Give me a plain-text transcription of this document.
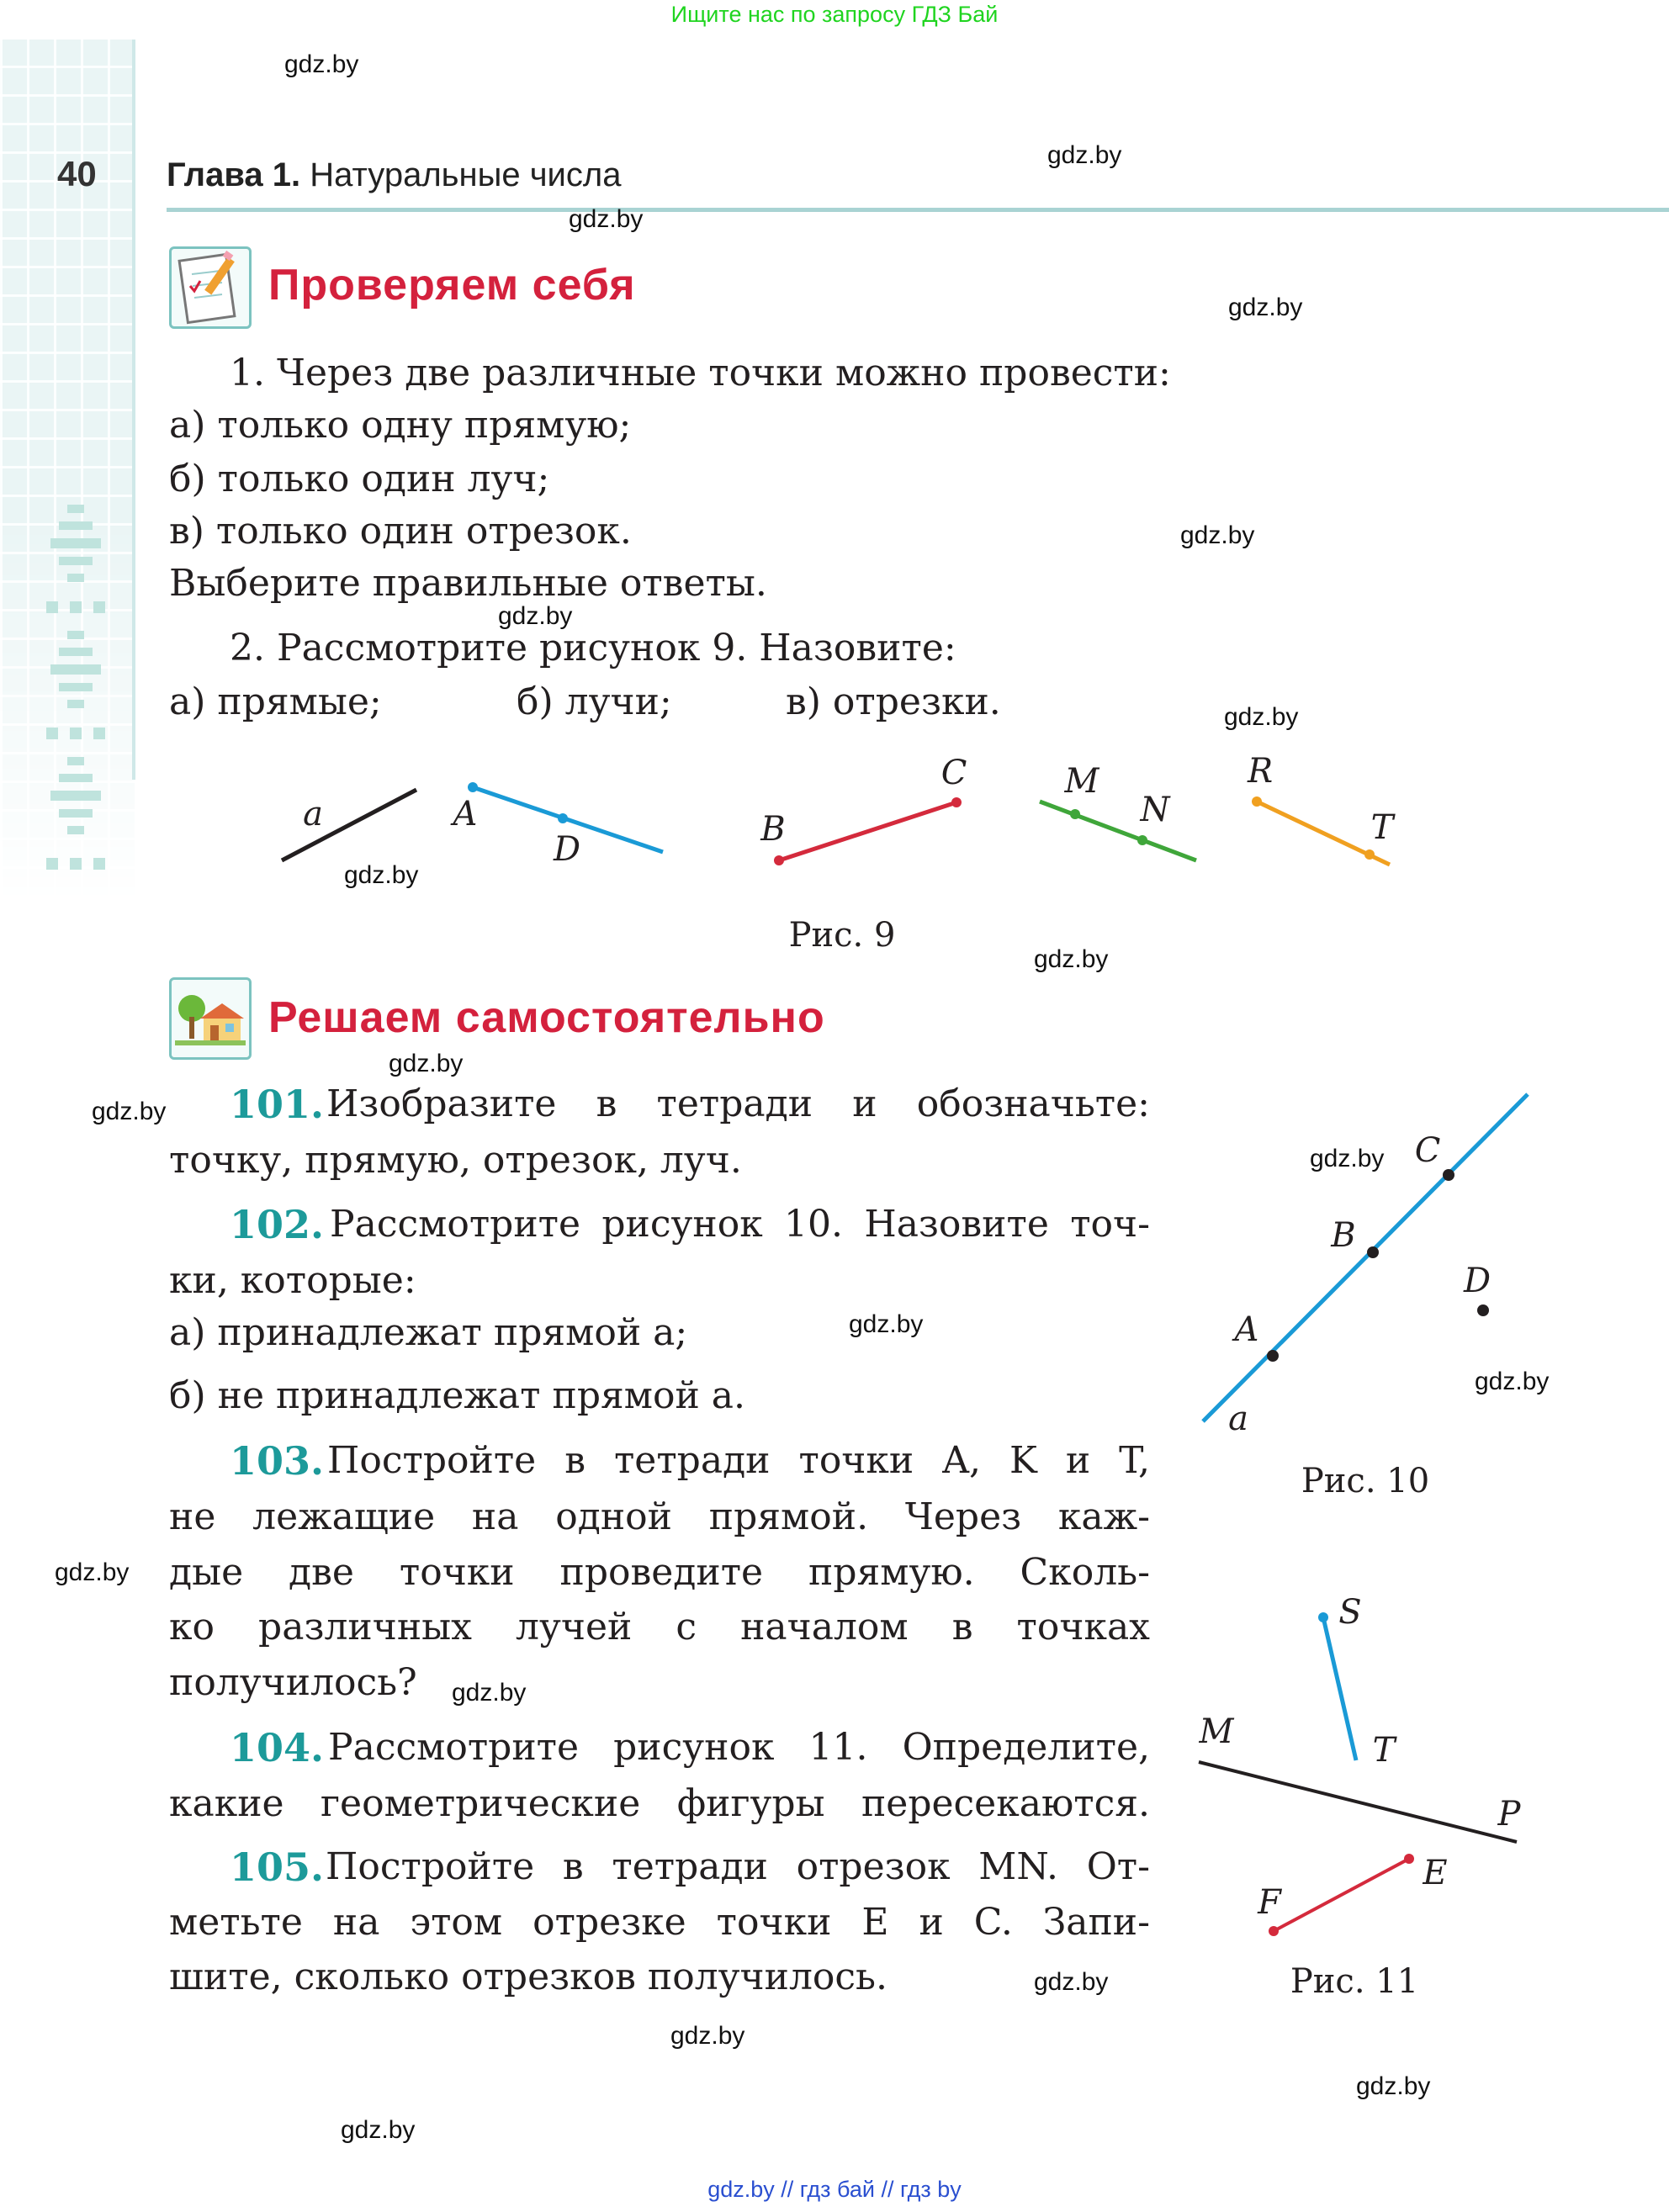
Ищите нас по запросу ГДЗ Бай
40 Глава 1. Натуральные числа
Проверяем себя
1. Через две различные точки можно провести:
а) только одну прямую;
б) только один луч;
в) только один отрезок.
Выберите правильные ответы.
2. Рассмотрите рисунок 9. Назовите:
а) прямые;	б) лучи;	в) отрезки.
a	A
D
B
C	M
N
R
T
Рис. 9
Решаем самостоятельно
101. Изобразите в тетради и обозначьте:
точку, прямую, отрезок, луч.
102. Рассмотрите рисунок 10. Назовите точ-
ки, которые:
а) принадлежат прямой a;
б) не принадлежат прямой a.
103. Постройте в тетради точки A, K и T,
не лежащие на одной прямой. Через каж-
дые две точки проведите прямую. Сколь-
ко различных лучей с началом в точках
получилось?
104. Рассмотрите рисунок 11. Определите,
какие геометрические фигуры пересекаются.
105. Постройте в тетради отрезок MN. От-
метьте на этом отрезке точки E и C. Запи-
шите, сколько отрезков получилось.
a
A
B
C
D
Рис. 10
S
T
M
P
F
E
Рис. 11
gdz.by
gdz.by
gdz.by
gdz.by
gdz.by
gdz.by
gdz.by
gdz.by
gdz.by
gdz.by
gdz.by
gdz.by
gdz.by
gdz.by
gdz.by
gdz.by
gdz.by
gdz.by
gdz.by
gdz.by
gdz.by // гдз бай // гдз by
